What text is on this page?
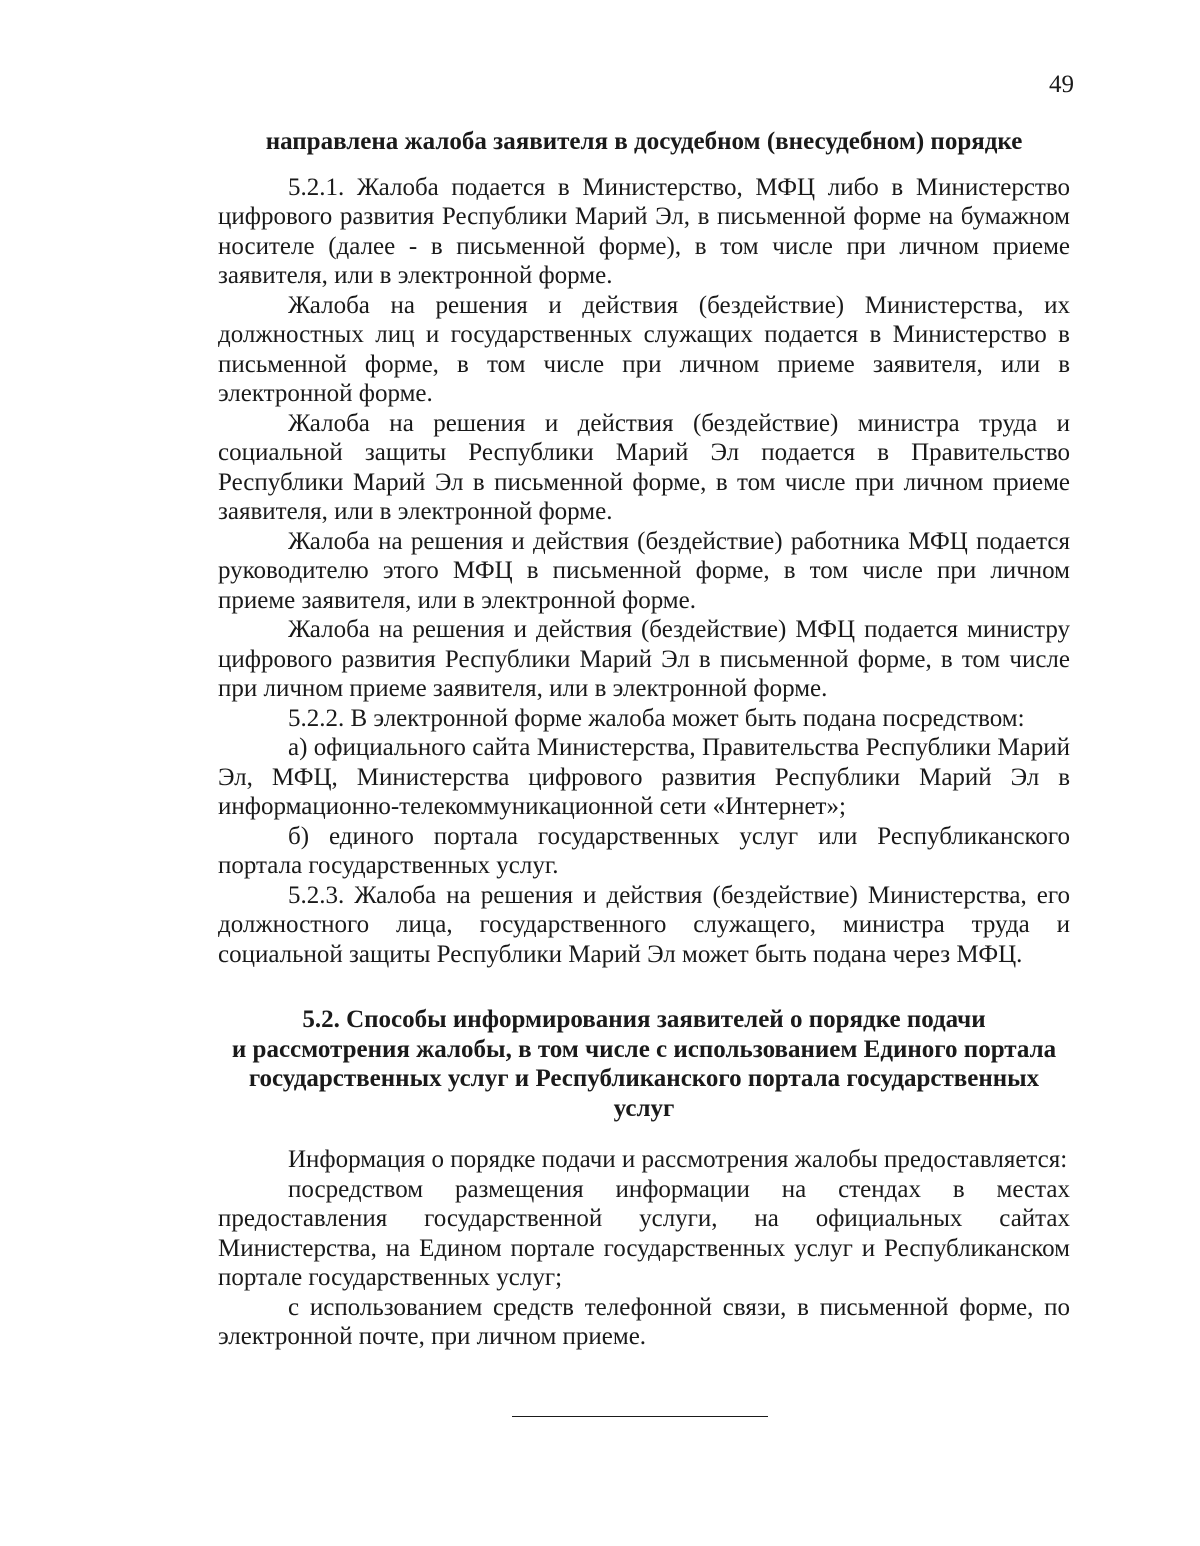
49

направлена жалоба заявителя в досудебном (внесудебном) порядке

5.2.1. Жалоба подается в Министерство, МФЦ либо в Министерство цифрового развития Республики Марий Эл, в письменной форме на бумажном носителе (далее - в письменной форме), в том числе при личном приеме заявителя, или в электронной форме.

Жалоба на решения и действия (бездействие) Министерства, их должностных лиц и государственных служащих подается в Министерство в письменной форме, в том числе при личном приеме заявителя, или в электронной форме.

Жалоба на решения и действия (бездействие) министра труда и социальной защиты Республики Марий Эл подается в Правительство Республики Марий Эл в письменной форме, в том числе при личном приеме заявителя, или в электронной форме.

Жалоба на решения и действия (бездействие) работника МФЦ подается руководителю этого МФЦ в письменной форме, в том числе при личном приеме заявителя, или в электронной форме.

Жалоба на решения и действия (бездействие) МФЦ подается министру цифрового развития Республики Марий Эл в письменной форме, в том числе при личном приеме заявителя, или в электронной форме.

5.2.2. В электронной форме жалоба может быть подана посредством:

а) официального сайта Министерства, Правительства Республики Марий Эл, МФЦ, Министерства цифрового развития Республики Марий Эл в информационно-телекоммуникационной сети «Интернет»;

б) единого портала государственных услуг или Республиканского портала государственных услуг.

5.2.3. Жалоба на решения и действия (бездействие) Министерства, его должностного лица, государственного служащего, министра труда и социальной защиты Республики Марий Эл может быть подана через МФЦ.

5.2. Способы информирования заявителей о порядке подачи
и рассмотрения жалобы, в том числе с использованием Единого портала
государственных услуг и Республиканского портала государственных
услуг

Информация о порядке подачи и рассмотрения жалобы предоставляется:

посредством размещения информации на стендах в местах предоставления государственной услуги, на официальных сайтах Министерства, на Едином портале государственных услуг и Республиканском портале государственных услуг;

с использованием средств телефонной связи, в письменной форме, по электронной почте, при личном приеме.
